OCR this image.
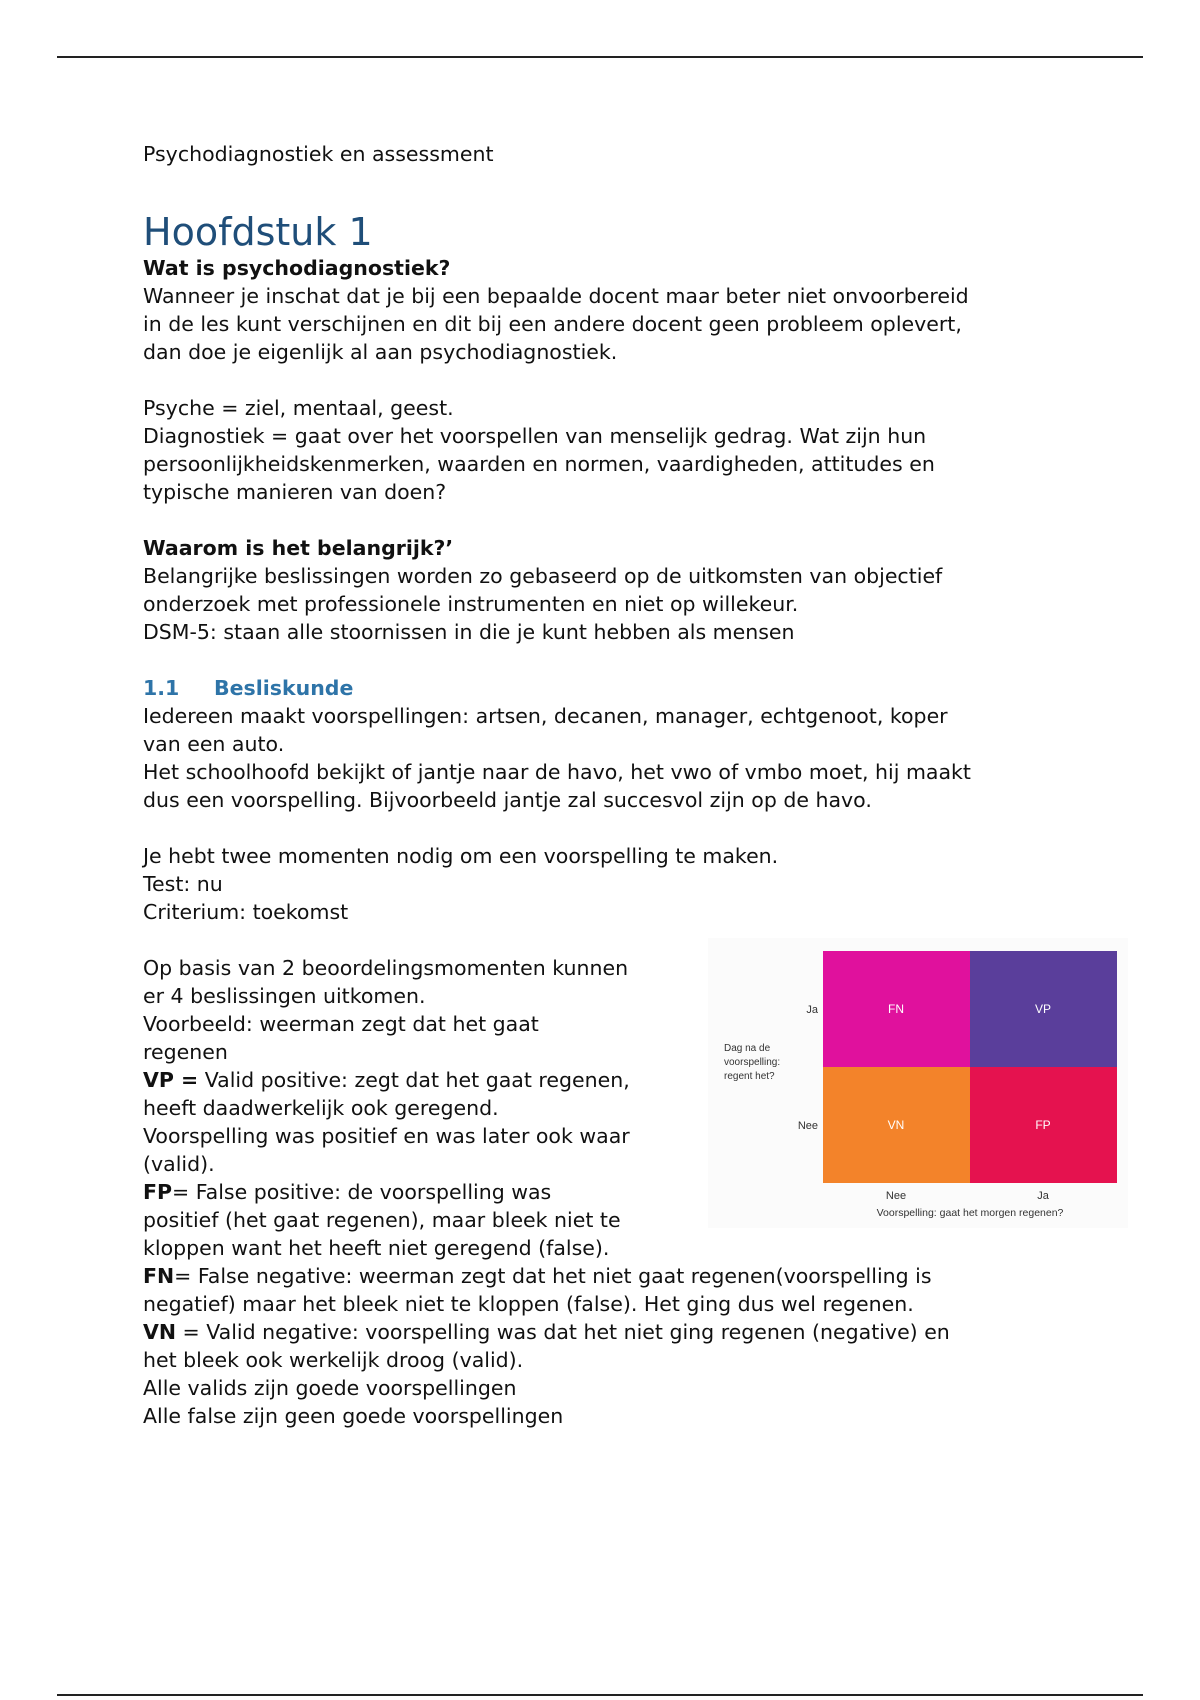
Psychodiagnostiek en assessment

Hoofdstuk 1

Wat is psychodiagnostiek?

Wanneer je inschat dat je bij een bepaalde docent maar beter niet onvoorbereid

in de les kunt verschijnen en dit bij een andere docent geen probleem oplevert,

dan doe je eigenlijk al aan psychodiagnostiek.

Psyche = ziel, mentaal, geest.

Diagnostiek = gaat over het voorspellen van menselijk gedrag. Wat zijn hun

persoonlijkheidskenmerken, waarden en normen, vaardigheden, attitudes en

typische manieren van doen?

Waarom is het belangrijk?’

Belangrijke beslissingen worden zo gebaseerd op de uitkomsten van objectief

onderzoek met professionele instrumenten en niet op willekeur.

DSM-5: staan alle stoornissen in die je kunt hebben als mensen

1.1 Besliskunde

Iedereen maakt voorspellingen: artsen, decanen, manager, echtgenoot, koper

van een auto.

Het schoolhoofd bekijkt of jantje naar de havo, het vwo of vmbo moet, hij maakt

dus een voorspelling. Bijvoorbeeld jantje zal succesvol zijn op de havo.

Je hebt twee momenten nodig om een voorspelling te maken.

Test: nu

Criterium: toekomst

Op basis van 2 beoordelingsmomenten kunnen

er 4 beslissingen uitkomen.

Voorbeeld: weerman zegt dat het gaat

regenen

VP = Valid positive: zegt dat het gaat regenen,

heeft daadwerkelijk ook geregend.

Voorspelling was positief en was later ook waar

(valid).

FP= False positive: de voorspelling was

positief (het gaat regenen), maar bleek niet te

kloppen want het heeft niet geregend (false).

FN	VP
VN	FP
Ja
Nee
Dag na de
voorspelling:
regent het?
Nee	Ja
Voorspelling: gaat het morgen regenen?

FN= False negative: weerman zegt dat het niet gaat regenen(voorspelling is

negatief) maar het bleek niet te kloppen (false). Het ging dus wel regenen.

VN = Valid negative: voorspelling was dat het niet ging regenen (negative) en

het bleek ook werkelijk droog (valid).

Alle valids zijn goede voorspellingen

Alle false zijn geen goede voorspellingen
